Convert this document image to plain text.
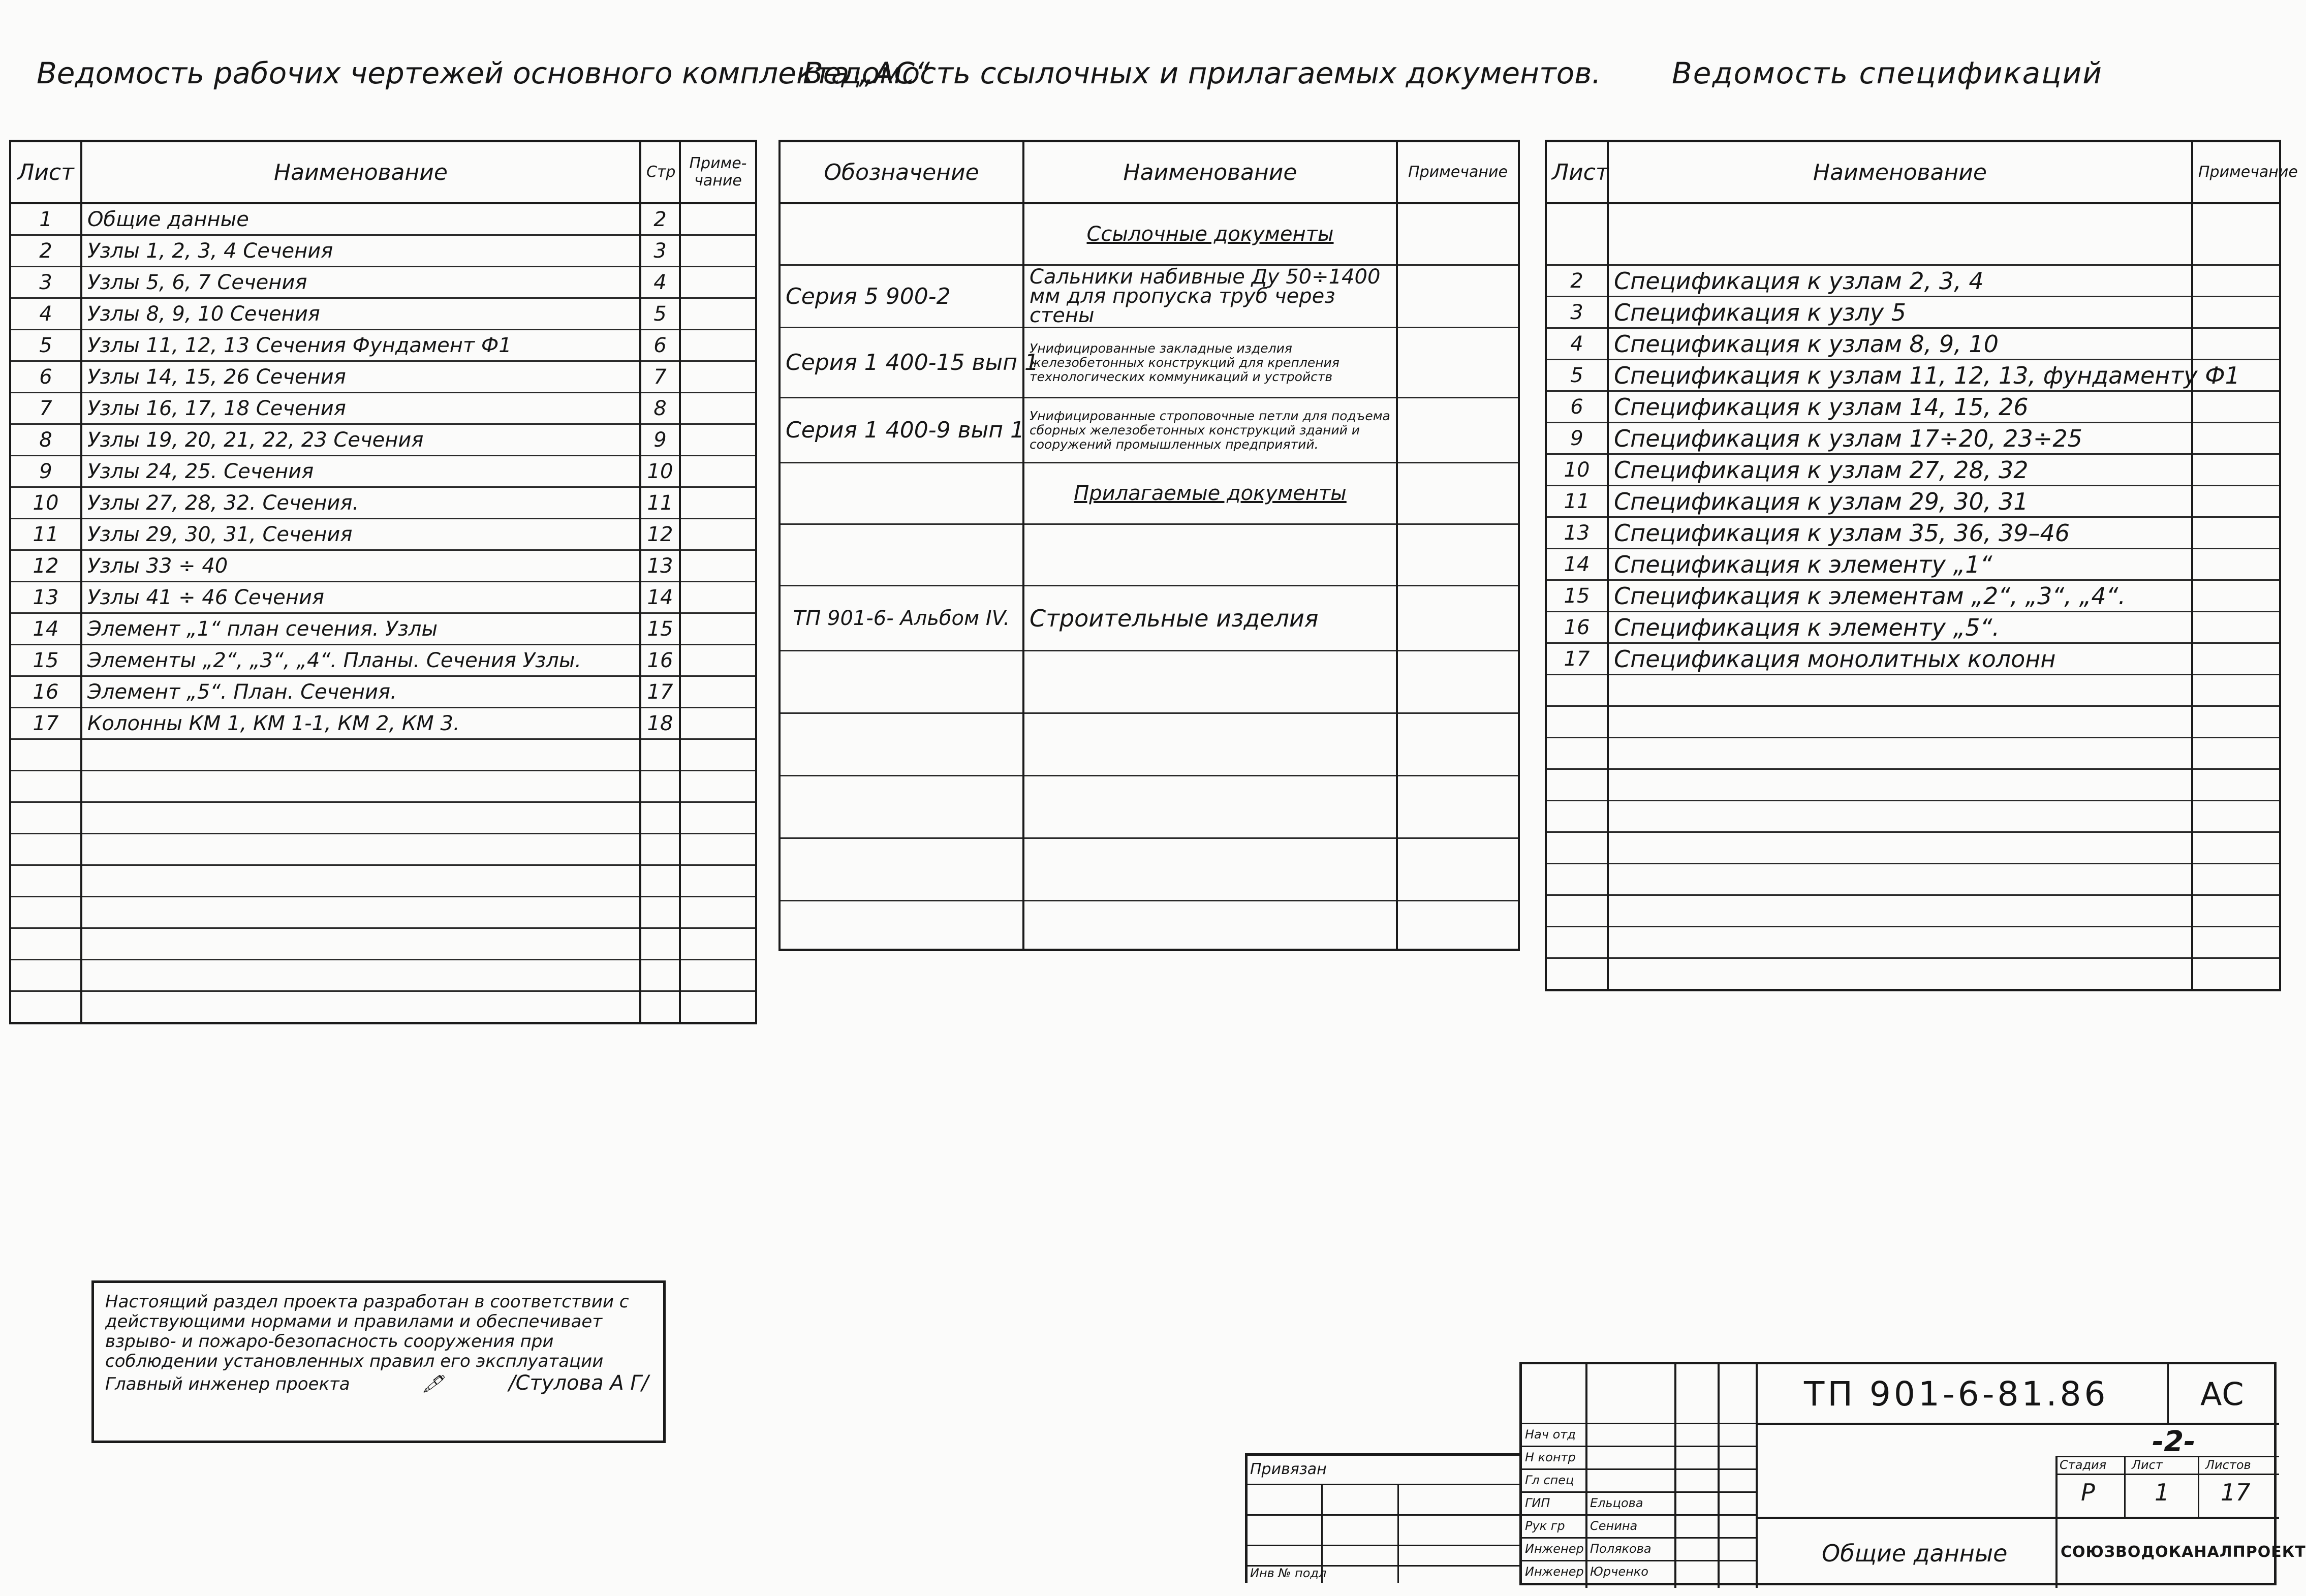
Ведомость рабочих чертежей основного комплекта „АС“
Ведомость ссылочных и прилагаемых документов. Ведомость спецификаций
Лист	Наименование	Стр	Приме-чание
1	Общие данные	2	
2	Узлы 1, 2, 3, 4 Сечения	3	
3	Узлы 5, 6, 7 Сечения	4	
4	Узлы 8, 9, 10 Сечения	5	
5	Узлы 11, 12, 13 Сечения Фундамент Ф1	6	
6	Узлы 14, 15, 26 Сечения	7	
7	Узлы 16, 17, 18 Сечения	8	
8	Узлы 19, 20, 21, 22, 23 Сечения	9	
9	Узлы 24, 25. Сечения	10	
10	Узлы 27, 28, 32. Сечения.	11	
11	Узлы 29, 30, 31, Сечения	12	
12	Узлы 33 ÷ 40	13	
13	Узлы 41 ÷ 46 Сечения	14	
14	Элемент „1“ план сечения. Узлы	15	
15	Элементы „2“, „3“, „4“. Планы. Сечения Узлы.	16	
16	Элемент „5“. План. Сечения.	17	
17	Колонны КМ 1, КМ 1-1, КМ 2, КМ 3.	18	

Обозначение	Наименование	Примечание
	Ссылочные документы	
Серия 5 900-2	Сальники набивные Ду 50÷1400 мм для пропуска труб через стены	
Серия 1 400-15 вып 1	Унифицированные закладные изделия железобетонных конструкций для крепления технологических коммуникаций и устройств	
Серия 1 400-9 вып 1	Унифицированные строповочные петли для подъема сборных железобетонных конструкций зданий и сооружений промышленных предприятий.	
	Прилагаемые документы	

ТП 901-6- Альбом IV.	Строительные изделия	

Лист	Наименование	Примечание

2	Спецификация к узлам 2, 3, 4	
3	Спецификация к узлу 5	
4	Спецификация к узлам 8, 9, 10	
5	Спецификация к узлам 11, 12, 13, фундаменту Ф1	
6	Спецификация к узлам 14, 15, 26	
9	Спецификация к узлам 17÷20, 23÷25	
10	Спецификация к узлам 27, 28, 32	
11	Спецификация к узлам 29, 30, 31	
13	Спецификация к узлам 35, 36, 39–46	
14	Спецификация к элементу „1“	
15	Спецификация к элементам „2“, „3“, „4“.	
16	Спецификация к элементу „5“.	
17	Спецификация монолитных колонн	

Настоящий раздел проекта разработан в соответствии с действующими нормами и правилами и обеспечивает взрыво- и пожаро-безопасность сооружения при соблюдении установленных правил его эксплуатации
Главный инженер проекта	🖋	/Стулова А Г/
Привязан
Инв № подл
Нач отд
Н контр
Гл спец
ГИП	Ельцова
Рук гр Сенина
Инженер Полякова
Инженер Юрченко
ТП 901-6-81.86	АС
-2-
Стадия Лист	Листов
Р	1 17
Общие данные	СОЮЗВОДОКАНАЛПРОЕКТ
